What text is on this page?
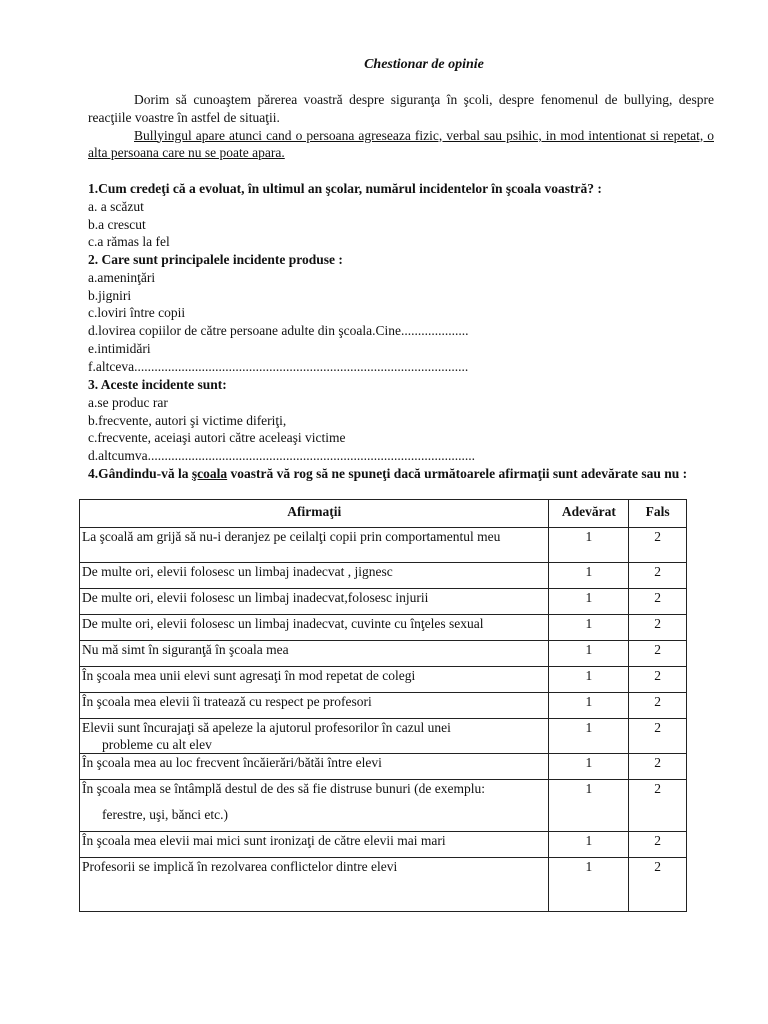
Chestionar de opinie

Dorim să cunoaştem părerea voastră despre siguranţa în şcoli, despre fenomenul de bullying, despre reacţiile voastre în astfel de situaţii.

Bullyingul apare atunci cand o persoana agreseaza fizic, verbal sau psihic, in mod intentionat si repetat, o alta persoana care nu se poate apara.

1.Cum credeţi că a evoluat, în ultimul an şcolar, numărul incidentelor în şcoala voastră? :

a. a scăzut

b.a crescut

c.a rămas la fel

2. Care sunt principalele incidente produse :

a.ameninţări

b.jigniri

c.loviri între copii

d.lovirea copiilor de către persoane adulte din şcoala.Cine....................

e.intimidări

f.altceva...................................................................................................

3. Aceste incidente sunt:

a.se produc rar

b.frecvente, autori şi victime diferiţi,

c.frecvente, aceiaşi autori către aceleaşi victime

d.altcumva.................................................................................................

4.Gândindu-vă la şcoala voastră vă rog să ne spuneţi dacă următoarele afirmaţii sunt adevărate sau nu :

Afirmaţii	Adevărat	Fals
La şcoală am grijă să nu-i deranjez pe ceilalţi copii prin comportamentul meu	1	2
De multe ori, elevii folosesc un limbaj inadecvat , jignesc	1	2
De multe ori, elevii folosesc un limbaj inadecvat,folosesc injurii	1	2
De multe ori, elevii folosesc un limbaj inadecvat, cuvinte cu înţeles sexual	1	2
Nu mă simt în siguranţă în şcoala mea	1	2
În şcoala mea unii elevi sunt agresaţi în mod repetat de colegi	1	2
În şcoala mea elevii îi tratează cu respect pe profesori	1	2

Elevii sunt încurajaţi să apeleze la ajutorul profesorilor în cazul unei
probleme cu alt elev	1	2
În şcoala mea au loc frecvent încăierări/bătăi între elevi	1	2

În şcoala mea se întâmplă destul de des să fie distruse bunuri (de exemplu:
ferestre, uşi, bănci etc.)	1	2
În şcoala mea elevii mai mici sunt ironizaţi de către elevii mai mari	1	2
Profesorii se implică în rezolvarea conflictelor dintre elevi	1	2
